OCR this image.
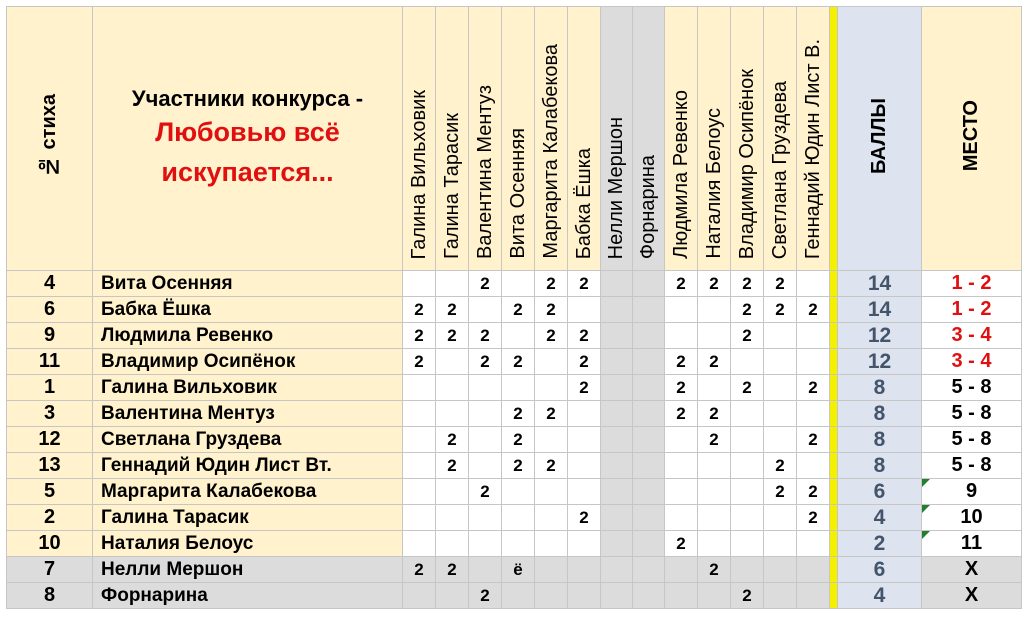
№ стиха	Участники конкурса -
Любовью всё
искупается...	Галина Вильховик	Галина Тарасик	Валентина Ментуз	Вита Осенняя	Маргарита Калабекова	Бабка Ёшка	Нелли Мершон	Форнарина	Людмила Ревенко	Наталия Белоус	Владимир Осипёнок	Светлана Груздева	Геннадий Юдин Лист В.		БАЛЛЫ	МЕСТО
4	Вита Осенняя			2		2	2			2	2	2	2			14	1 - 2
6	Бабка Ёшка	2	2		2	2						2	2	2		14	1 - 2
9	Людмила Ревенко	2	2	2		2	2					2				12	3 - 4
11	Владимир Осипёнок	2		2	2		2			2	2					12	3 - 4
1	Галина Вильховик						2			2		2		2		8	5 - 8
3	Валентина Ментуз				2	2				2	2					8	5 - 8
12	Светлана Груздева		2		2						2			2		8	5 - 8
13	Геннадий Юдин Лист Вт.		2		2	2							2			8	5 - 8
5	Маргарита Калабекова			2									2	2		6	9
2	Галина Тарасик						2							2		4	10
10	Наталия Белоус									2						2	11
7	Нелли Мершон	2	2		ё						2					6	X
8	Форнарина			2								2				4	X
